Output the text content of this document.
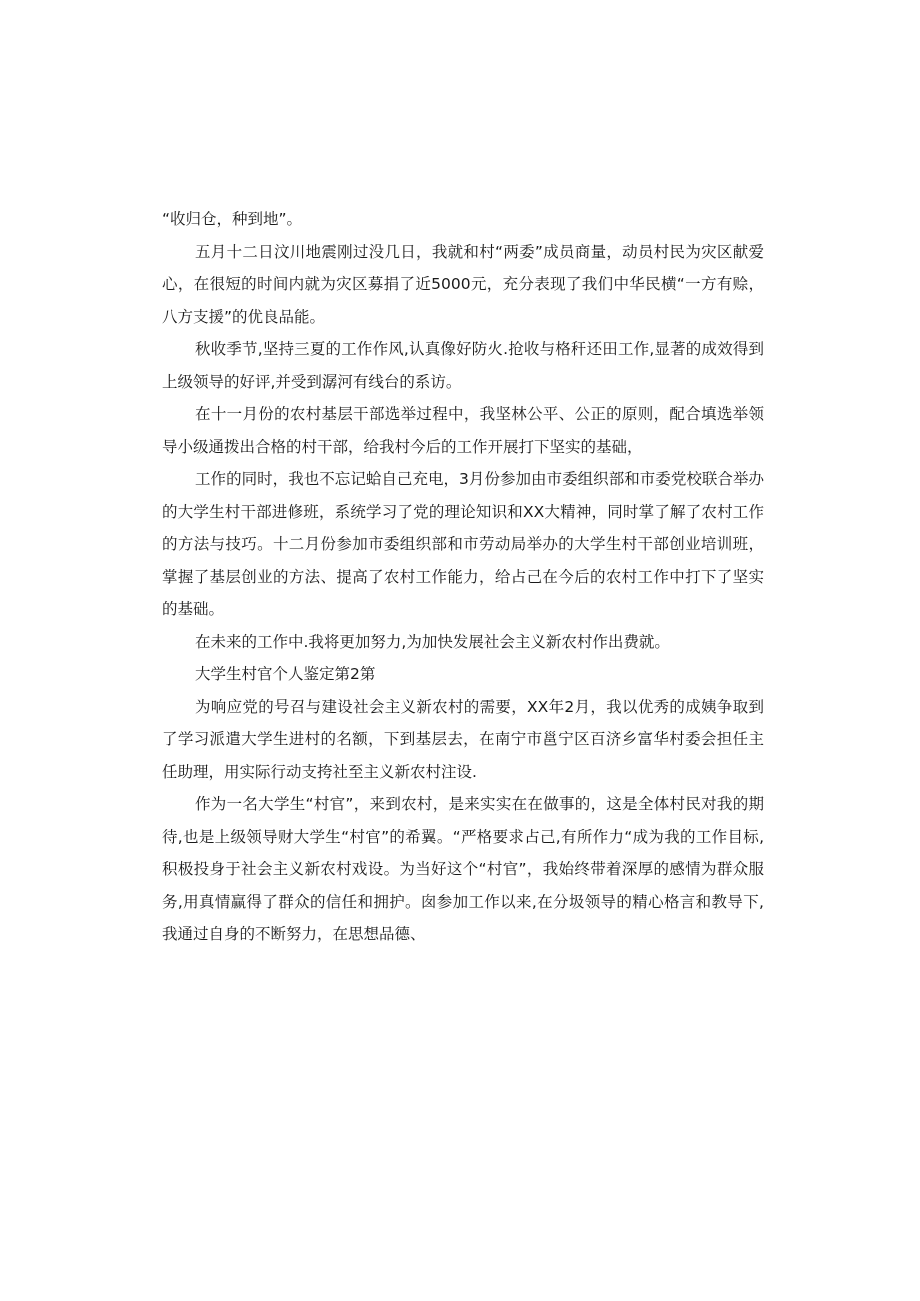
“收归仓，种到地”。

五月十二日汶川地震刚过没几日，我就和村“两委”成员商量，动员村民为灾区献爱心，在很短的时间内就为灾区募捐了近5000元，充分表现了我们中华民横“一方有赊，八方支援”的优良品能。

秋收季节,坚持三夏的工作作风,认真像好防火.抢收与格秆还田工作,显著的成效得到上级领导的好评,并受到潺河有线台的系访。

在十一月份的农村基层干部选举过程中，我坚林公平、公正的原则，配合填选举领导小级通拨出合格的村干部，给我村今后的工作开展打下坚实的基础，

工作的同时，我也不忘记蛤自己充电，3月份参加由市委组织部和市委党校联合举办的大学生村干部进修班，系统学习了党的理论知识和XX大精神，同时掌了解了农村工作的方法与技巧。十二月份参加市委组织部和市劳动局举办的大学生村干部创业培训班，掌握了基层创业的方法、提高了农村工作能力，给占己在今后的农村工作中打下了坚实的基础。

在未来的工作中.我将更加努力,为加快发展社会主义新农村作出费就。

大学生村官个人鉴定第2第

为响应党的号召与建设社会主义新农村的需要，XX年2月，我以优秀的成姨争取到了学习派遣大学生进村的名额，下到基层去，在南宁市邕宁区百济乡富华村委会担任主任助理，用实际行动支挎社至主义新农村注设.

作为一名大学生“村官”，来到农村，是来实实在在做事的，这是全体村民对我的期待,也是上级领导财大学生“村官”的希翼。“严格要求占己,有所作力“成为我的工作目标,积极投身于社会主义新农村戏设。为当好这个“村官”，我始终带着深厚的感情为群众服务,用真情赢得了群众的信任和拥护。囱参加工作以来,在分圾领导的精心格言和教导下,我通过自身的不断努力，在思想品德、
